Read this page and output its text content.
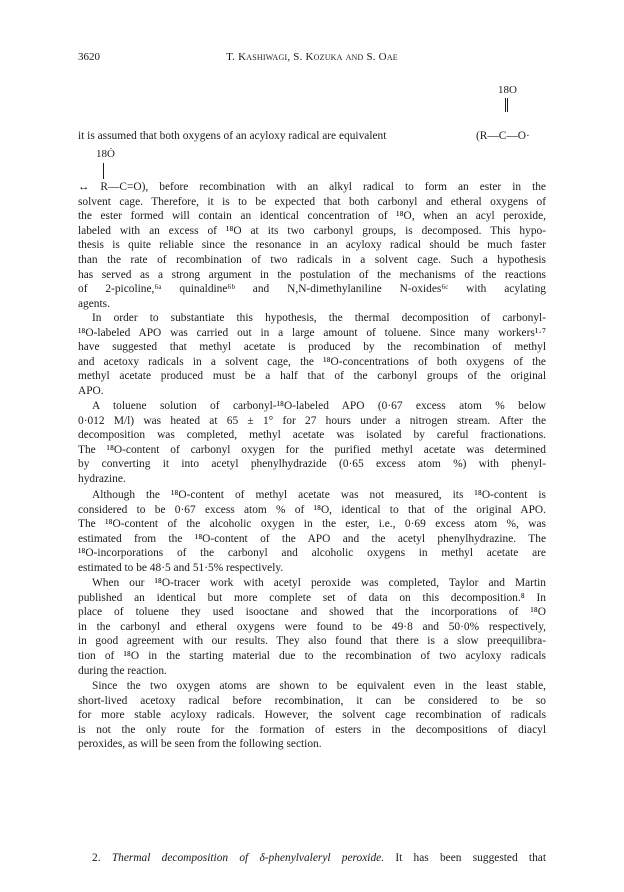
3620	T. Kashiwagi, S. Kozuka and S. Oae
18O
it is assumed that both oxygens of an acyloxy radical are equivalent	(R—C—O·
18Ȯ
↔ R—C=O), before recombination with an alkyl radical to form an ester in the
solvent cage. Therefore, it is to be expected that both carbonyl and etheral oxygens of
the ester formed will contain an identical concentration of ¹⁸O, when an acyl peroxide,
labeled with an excess of ¹⁸O at its two carbonyl groups, is decomposed. This hypo-
thesis is quite reliable since the resonance in an acyloxy radical should be much faster
than the rate of recombination of two radicals in a solvent cage. Such a hypothesis
has served as a strong argument in the postulation of the mechanisms of the reactions
of 2-picoline,⁶ᵃ quinaldine⁶ᵇ and N,N-dimethylaniline N-oxides⁶ᶜ with acylating
agents.
In order to substantiate this hypothesis, the thermal decomposition of carbonyl-
¹⁸O-labeled APO was carried out in a large amount of toluene. Since many workers¹·⁷
have suggested that methyl acetate is produced by the recombination of methyl
and acetoxy radicals in a solvent cage, the ¹⁸O-concentrations of both oxygens of the
methyl acetate produced must be a half that of the carbonyl groups of the original
APO.
A toluene solution of carbonyl-¹⁸O-labeled APO (0·67 excess atom % below
0·012 M/l) was heated at 65 ± 1° for 27 hours under a nitrogen stream. After the
decomposition was completed, methyl acetate was isolated by careful fractionations.
The ¹⁸O-content of carbonyl oxygen for the purified methyl acetate was determined
by converting it into acetyl phenylhydrazide (0·65 excess atom %) with phenyl-
hydrazine.
Although the ¹⁸O-content of methyl acetate was not measured, its ¹⁸O-content is
considered to be 0·67 excess atom % of ¹⁸O, identical to that of the original APO.
The ¹⁸O-content of the alcoholic oxygen in the ester, i.e., 0·69 excess atom %, was
estimated from the ¹⁸O-content of the APO and the acetyl phenylhydrazine. The
¹⁸O-incorporations of the carbonyl and alcoholic oxygens in methyl acetate are
estimated to be 48·5 and 51·5% respectively.
When our ¹⁸O-tracer work with acetyl peroxide was completed, Taylor and Martin
published an identical but more complete set of data on this decomposition.⁸ In
place of toluene they used isooctane and showed that the incorporations of ¹⁸O
in the carbonyl and etheral oxygens were found to be 49·8 and 50·0% respectively,
in good agreement with our results. They also found that there is a slow preequilibra-
tion of ¹⁸O in the starting material due to the recombination of two acyloxy radicals
during the reaction.
Since the two oxygen atoms are shown to be equivalent even in the least stable,
short-lived acetoxy radical before recombination, it can be considered to be so
for more stable acyloxy radicals. However, the solvent cage recombination of radicals
is not the only route for the formation of esters in the decompositions of diacyl
peroxides, as will be seen from the following section.
2. Thermal decomposition of δ-phenylvaleryl peroxide. It has been suggested that
